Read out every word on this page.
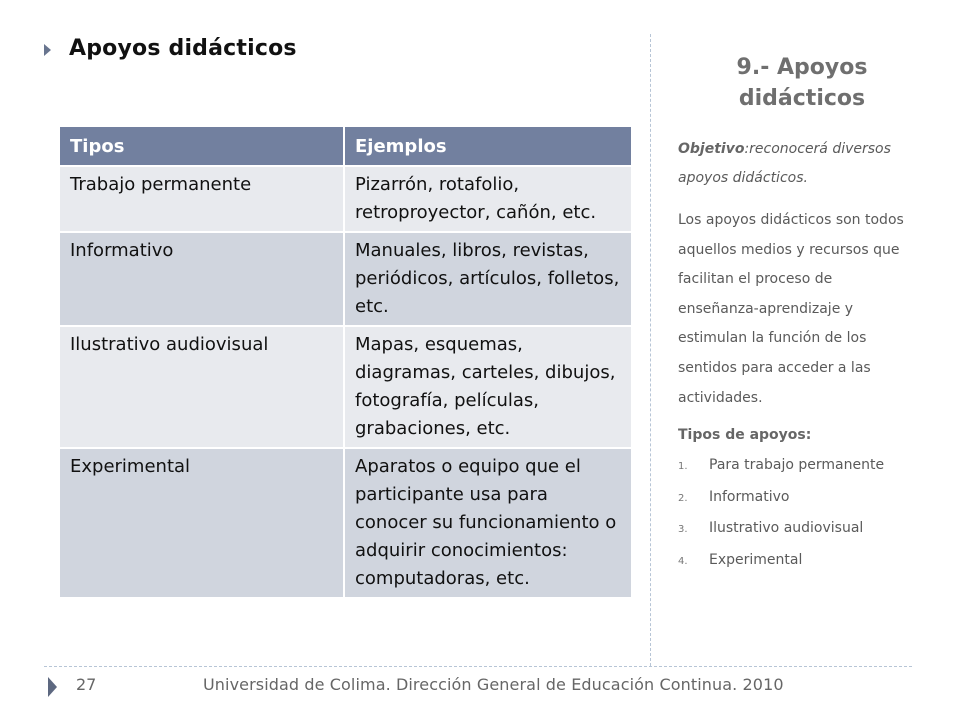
Apoyos didácticos
9.- Apoyos didácticos
Tipos	Ejemplos
Trabajo permanente	Pizarrón, rotafolio, retroproyector, cañón, etc.
Informativo	Manuales, libros, revistas, periódicos, artículos, folletos, etc.
Ilustrativo audiovisual	Mapas, esquemas, diagramas, carteles, dibujos, fotografía, películas, grabaciones, etc.
Experimental	Aparatos o equipo que el participante usa para conocer su funcionamiento o adquirir conocimientos: computadoras, etc.

Objetivo:reconocerá diversos apoyos didácticos.

Los apoyos didácticos son todos aquellos medios y recursos que facilitan el proceso de enseñanza-aprendizaje y estimulan la función de los sentidos para acceder a las actividades.
Tipos de apoyos:
1.	Para trabajo permanente
2.	Informativo
3.	Ilustrativo audiovisual
4.	Experimental
27	Universidad de Colima. Dirección General de Educación Continua. 2010
